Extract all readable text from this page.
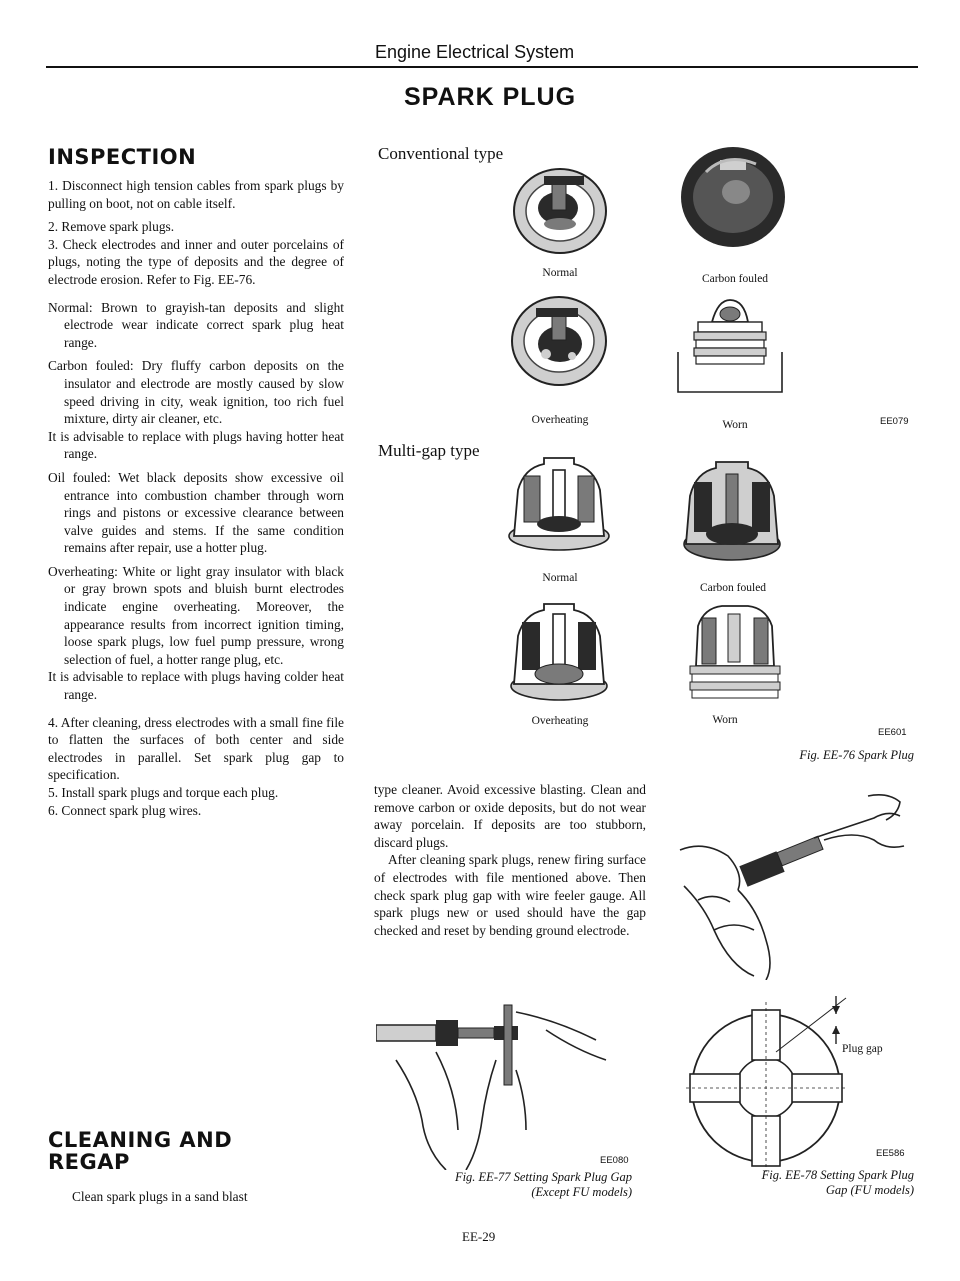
Engine Electrical System
SPARK PLUG
INSPECTION

1. Disconnect high tension cables from spark plugs by pulling on boot, not on cable itself.

2. Remove spark plugs.

3. Check electrodes and inner and outer porcelains of plugs, noting the type of deposits and the degree of electrode erosion. Refer to Fig. EE-76.

Normal: Brown to grayish-tan deposits and slight electrode wear indicate correct spark plug heat range.

Carbon fouled: Dry fluffy carbon deposits on the insulator and electrode are mostly caused by slow speed driving in city, weak ignition, too rich fuel mixture, dirty air cleaner, etc.
It is advisable to replace with plugs having hotter heat range.

Oil fouled: Wet black deposits show excessive oil entrance into combustion chamber through worn rings and pistons or excessive clearance between valve guides and stems. If the same condition remains after repair, use a hotter plug.

Overheating: White or light gray insulator with black or gray brown spots and bluish burnt electrodes indicate engine overheating. Moreover, the appearance results from incorrect ignition timing, loose spark plugs, low fuel pump pressure, wrong selection of fuel, a hotter range plug, etc.
It is advisable to replace with plugs having colder heat range.

4. After cleaning, dress electrodes with a small fine file to flatten the surfaces of both center and side electrodes in parallel. Set spark plug gap to specification.

5. Install spark plugs and torque each plug.

6. Connect spark plug wires.

CLEANING AND
REGAP
Clean spark plugs in a sand blast
Conventional type
Normal
Overheating
Multi-gap type
Normal
Overheating

type cleaner. Avoid excessive blasting. Clean and remove carbon or oxide deposits, but do not wear away porcelain. If deposits are too stubborn, discard plugs.

After cleaning spark plugs, renew firing surface of electrodes with file mentioned above. Then check spark plug gap with wire feeler gauge. All spark plugs new or used should have the gap checked and reset by bending ground electrode.

EE080
Fig. EE-77 Setting Spark Plug Gap
(Except FU models)
EE-29
Carbon fouled
Worn	EE079
Carbon fouled
Worn
EE601
Fig. EE-76 Spark Plug
Plug gap
EE586
Fig. EE-78 Setting Spark Plug
Gap (FU models)
